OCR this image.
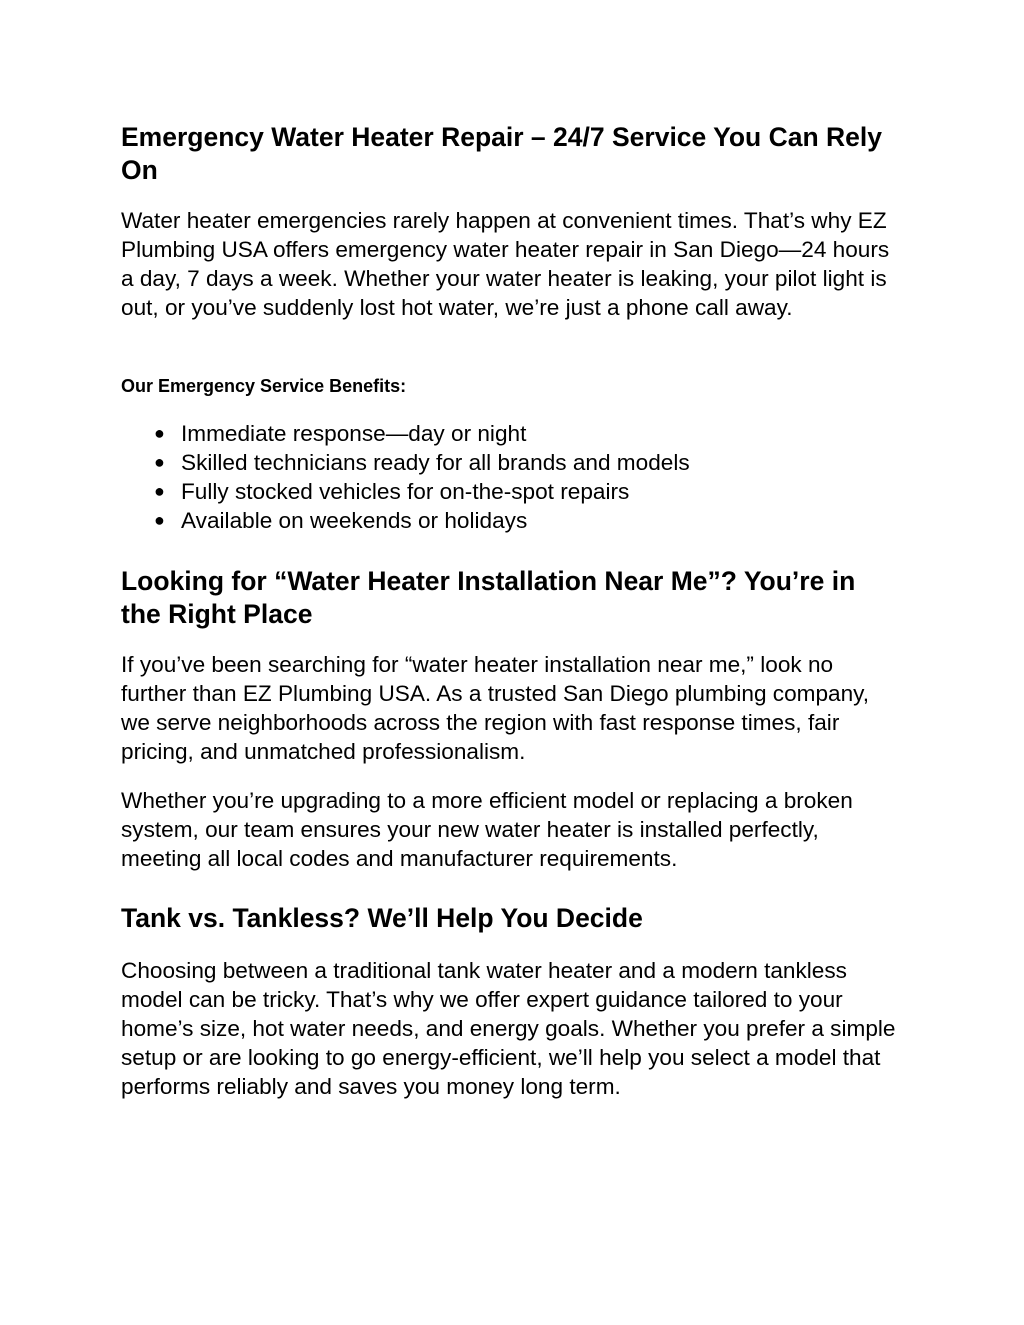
Emergency Water Heater Repair – 24/7 Service You Can Rely On

Water heater emergencies rarely happen at convenient times. That’s why EZ Plumbing USA offers emergency water heater repair in San Diego—24 hours a day, 7 days a week. Whether your water heater is leaking, your pilot light is out, or you’ve suddenly lost hot water, we’re just a phone call away.

Our Emergency Service Benefits:
● Immediate response—day or night
● Skilled technicians ready for all brands and models
● Fully stocked vehicles for on-the-spot repairs
● Available on weekends or holidays
Looking for “Water Heater Installation Near Me”? You’re in the Right Place

If you’ve been searching for “water heater installation near me,” look no further than EZ Plumbing USA. As a trusted San Diego plumbing company, we serve neighborhoods across the region with fast response times, fair pricing, and unmatched professionalism.

Whether you’re upgrading to a more efficient model or replacing a broken system, our team ensures your new water heater is installed perfectly, meeting all local codes and manufacturer requirements.

Tank vs. Tankless? We’ll Help You Decide

Choosing between a traditional tank water heater and a modern tankless model can be tricky. That’s why we offer expert guidance tailored to your home’s size, hot water needs, and energy goals. Whether you prefer a simple setup or are looking to go energy-efficient, we’ll help you select a model that performs reliably and saves you money long term.
